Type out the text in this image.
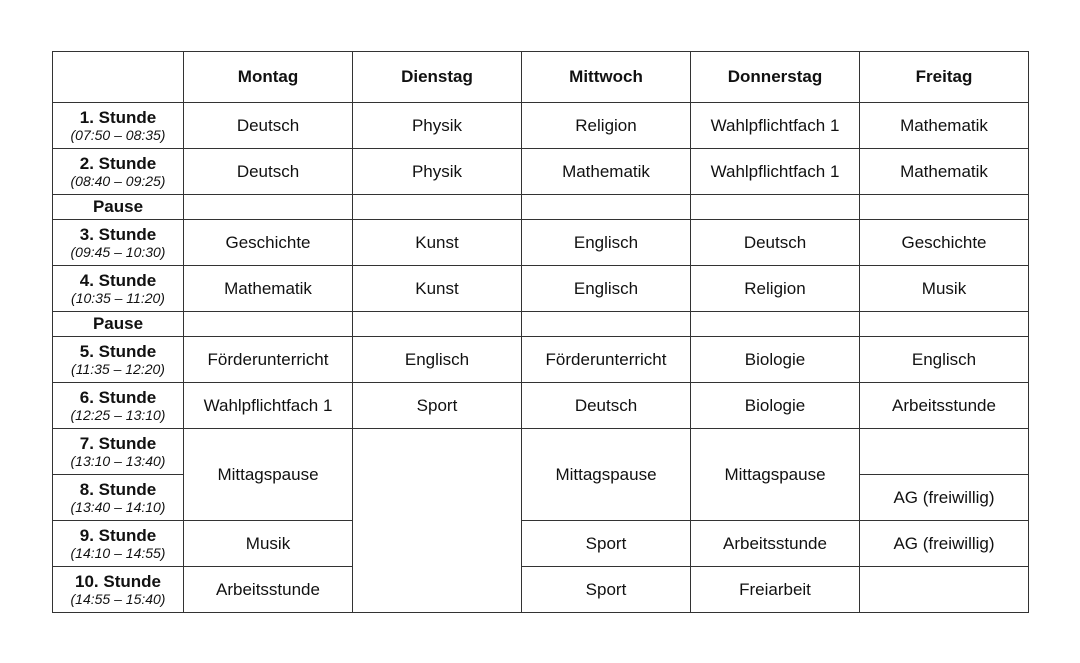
	Montag	Dienstag	Mittwoch	Donnerstag	Freitag

1. Stunde
(07:50 – 08:35)	Deutsch	Physik	Religion	Wahlpflichtfach 1	Mathematik

2. Stunde
(08:40 – 09:25)	Deutsch	Physik	Mathematik	Wahlpflichtfach 1	Mathematik
Pause					

3. Stunde
(09:45 – 10:30)	Geschichte	Kunst	Englisch	Deutsch	Geschichte

4. Stunde
(10:35 – 11:20)	Mathematik	Kunst	Englisch	Religion	Musik
Pause					

5. Stunde
(11:35 – 12:20)	Förderunterricht	Englisch	Förderunterricht	Biologie	Englisch

6. Stunde
(12:25 – 13:10)	Wahlpflichtfach 1	Sport	Deutsch	Biologie	Arbeitsstunde

7. Stunde
(13:10 – 13:40)	Mittagspause		Mittagspause	Mittagspause	

8. Stunde
(13:40 – 14:10)					AG (freiwillig)

9. Stunde
(14:10 – 14:55)	Musik		Sport	Arbeitsstunde	AG (freiwillig)

10. Stunde
(14:55 – 15:40)	Arbeitsstunde		Sport	Freiarbeit	
